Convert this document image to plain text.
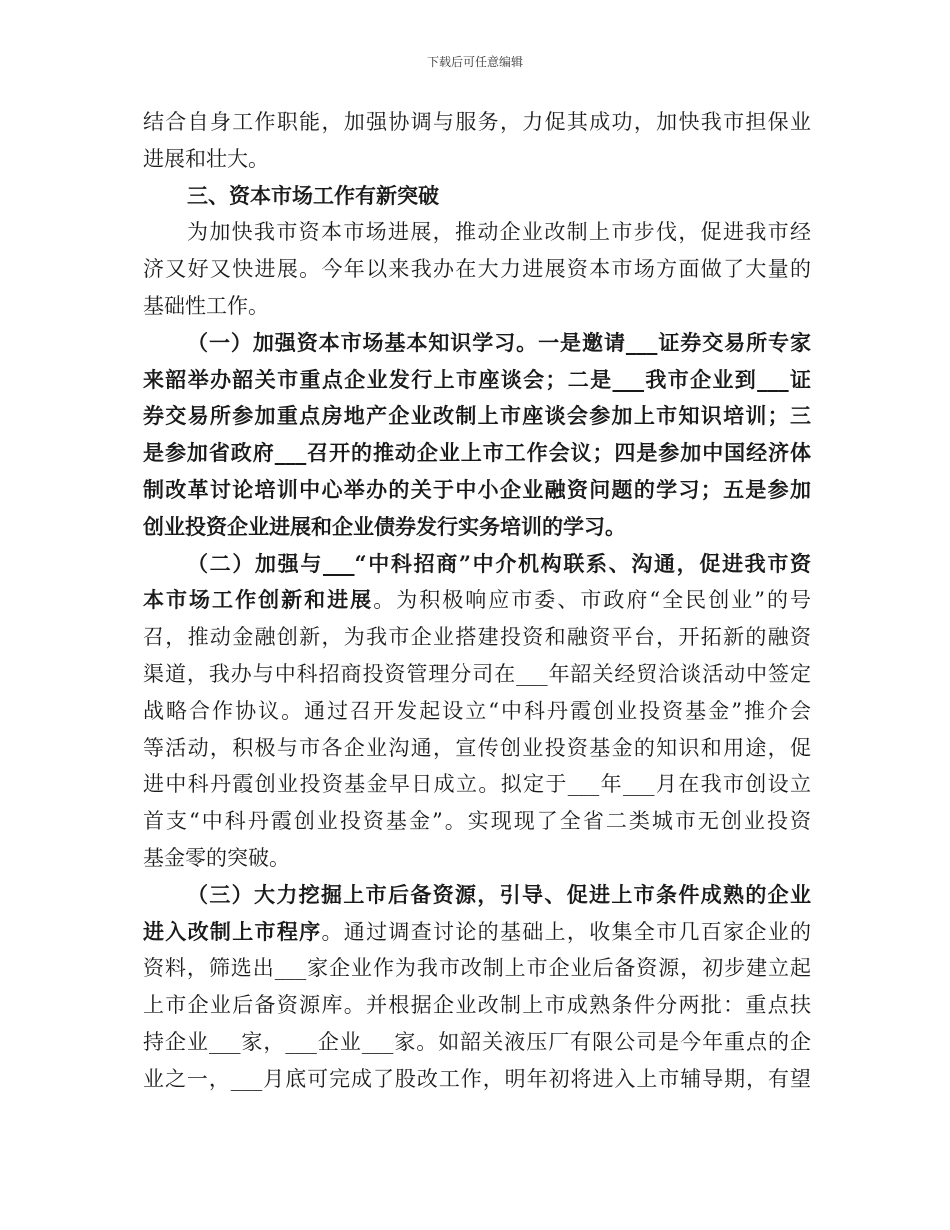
下载后可任意编辑
结合自身工作职能，加强协调与服务，力促其成功，加快我市担保业
进展和壮大。
三、资本市场工作有新突破
为加快我市资本市场进展，推动企业改制上市步伐，促进我市经
济又好又快进展。今年以来我办在大力进展资本市场方面做了大量的
基础性工作。
（一）加强资本市场基本知识学习。一是邀请___证券交易所专家
来韶举办韶关市重点企业发行上市座谈会；二是___我市企业到___证
券交易所参加重点房地产企业改制上市座谈会参加上市知识培训；三
是参加省政府___召开的推动企业上市工作会议；四是参加中国经济体
制改革讨论培训中心举办的关于中小企业融资问题的学习；五是参加
创业投资企业进展和企业债券发行实务培训的学习。
（二）加强与___“中科招商”中介机构联系、沟通，促进我市资
本市场工作创新和进展。为积极响应市委、市政府“全民创业”的号
召，推动金融创新，为我市企业搭建投资和融资平台，开拓新的融资
渠道，我办与中科招商投资管理分司在___年韶关经贸洽谈活动中签定
战略合作协议。通过召开发起设立“中科丹霞创业投资基金”推介会
等活动，积极与市各企业沟通，宣传创业投资基金的知识和用途，促
进中科丹霞创业投资基金早日成立。拟定于___年___月在我市创设立
首支“中科丹霞创业投资基金”。实现现了全省二类城市无创业投资
基金零的突破。
（三）大力挖掘上市后备资源，引导、促进上市条件成熟的企业
进入改制上市程序。通过调查讨论的基础上，收集全市几百家企业的
资料，筛选出___家企业作为我市改制上市企业后备资源，初步建立起
上市企业后备资源库。并根据企业改制上市成熟条件分两批：重点扶
持企业___家，___企业___家。如韶关液压厂有限公司是今年重点的企
业之一，___月底可完成了股改工作，明年初将进入上市辅导期，有望
